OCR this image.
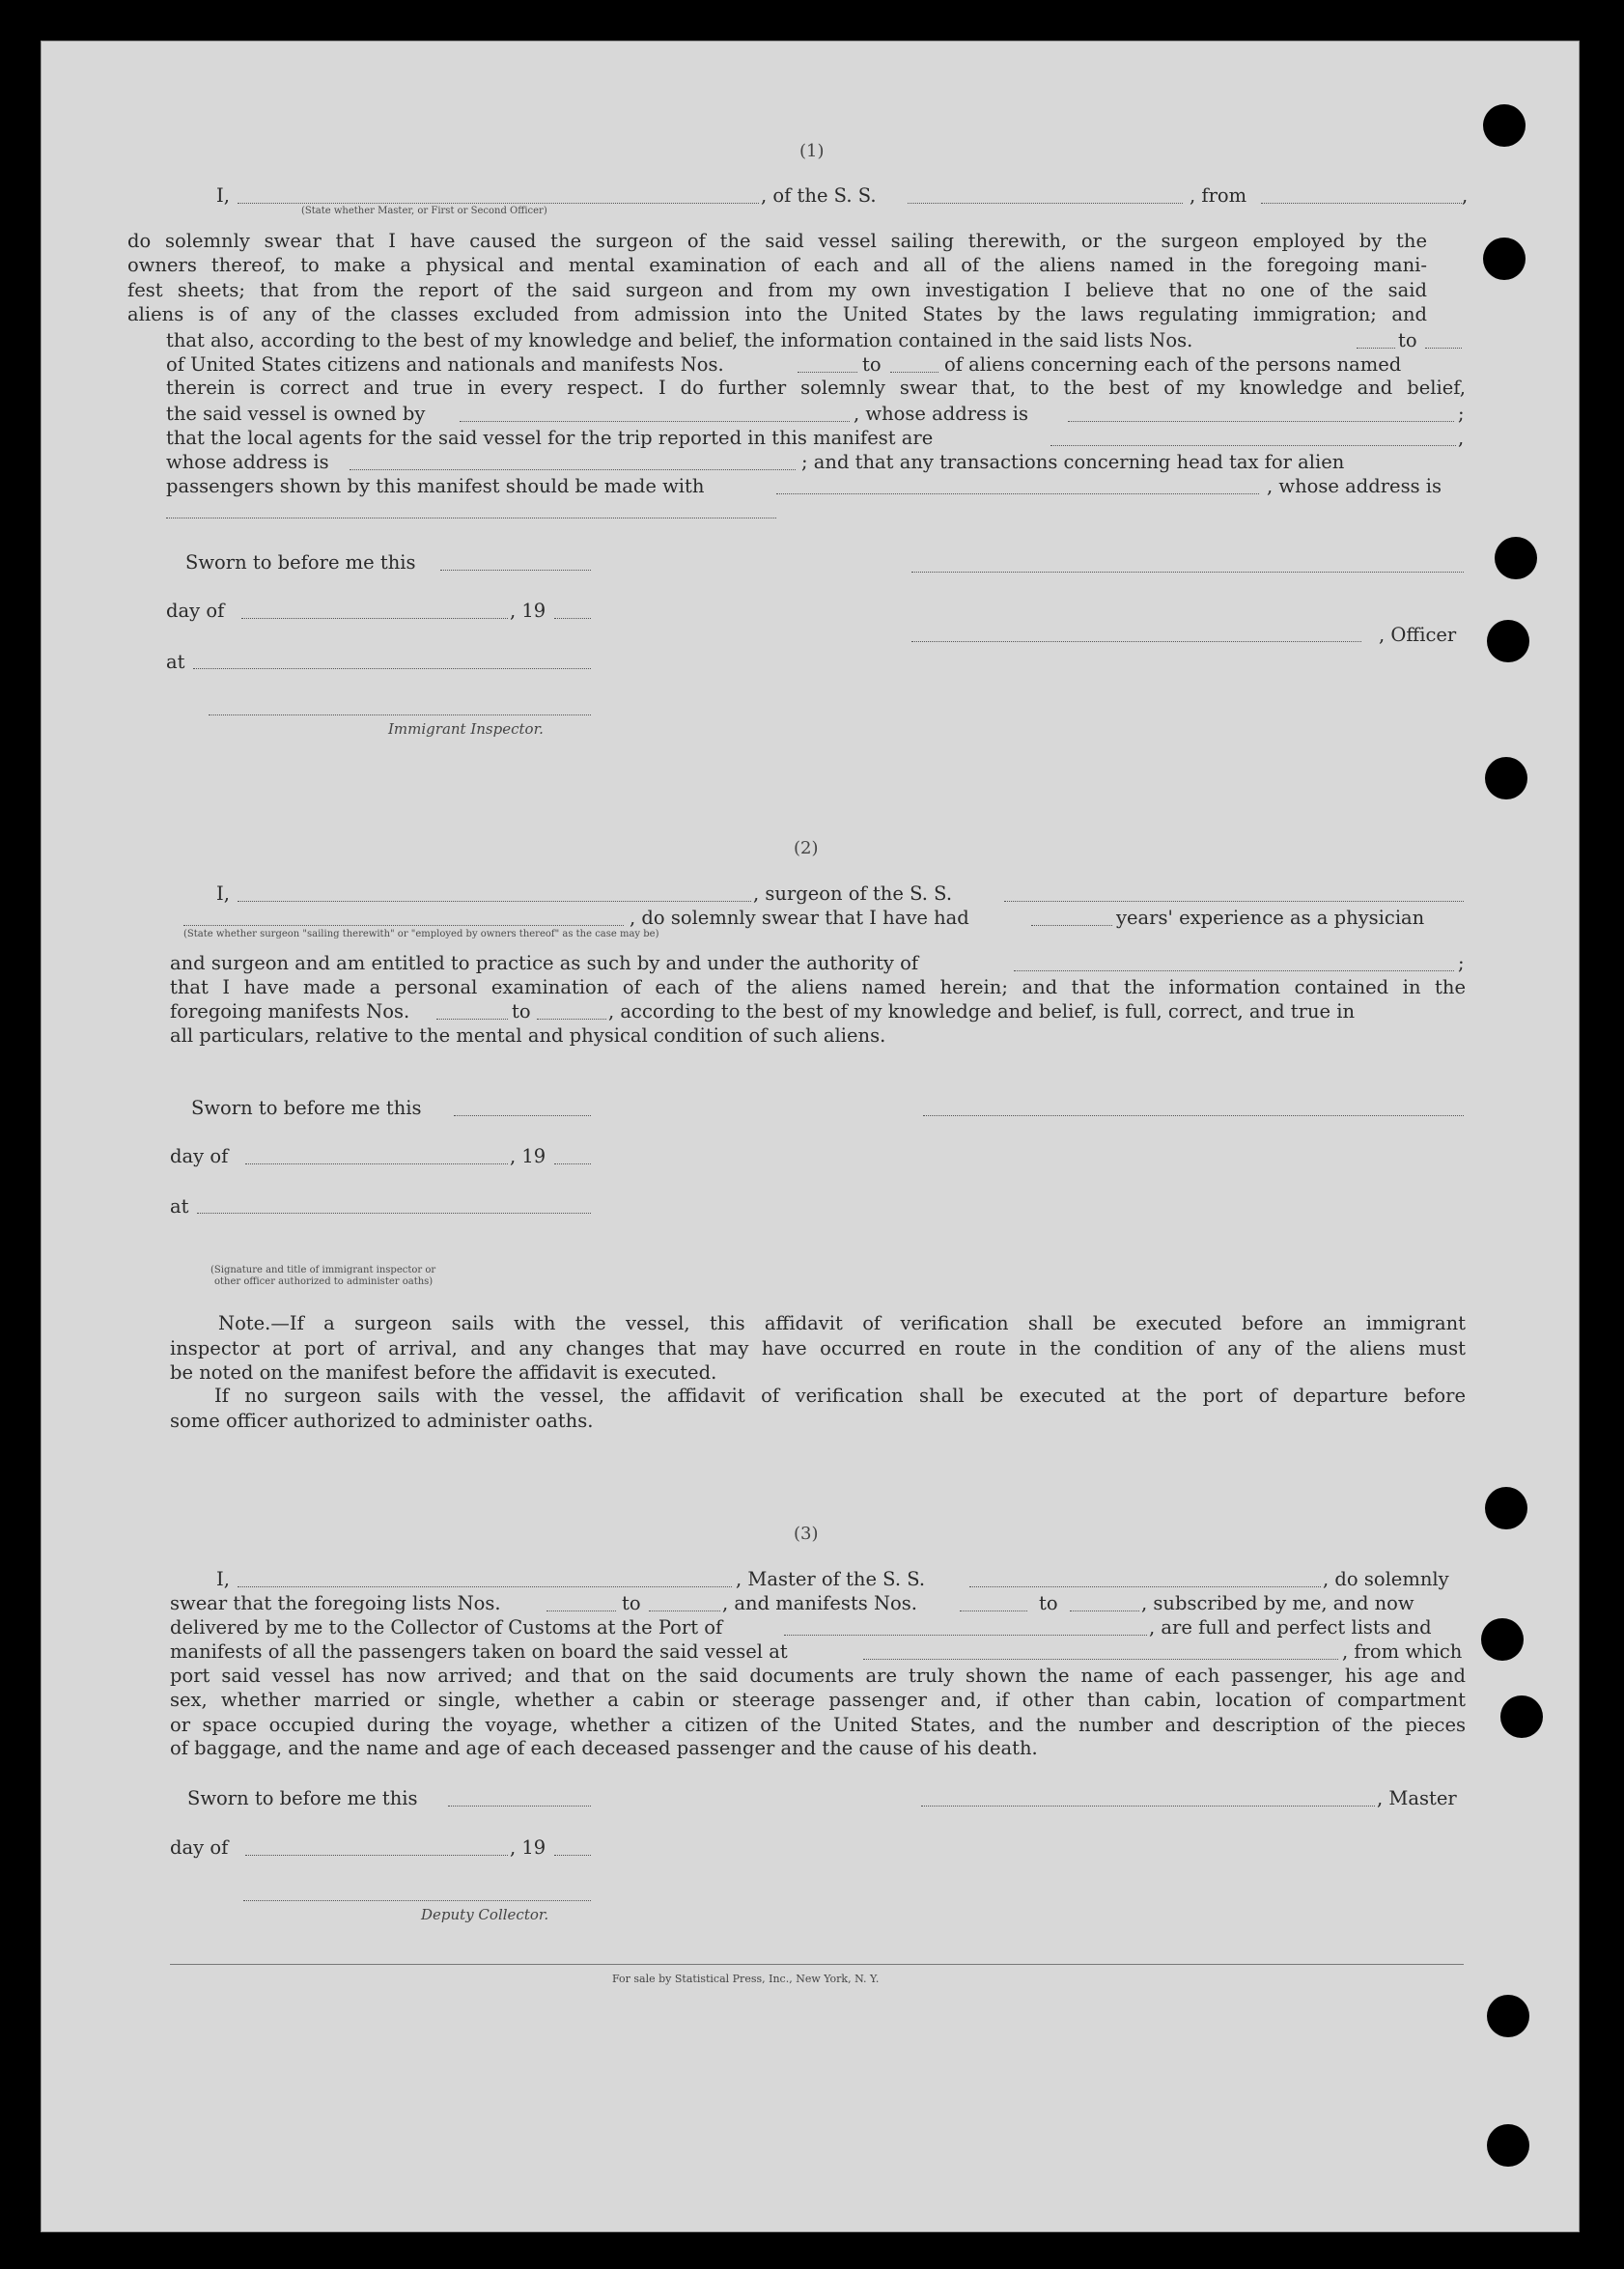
(1)
I,	, of the S. S.	, from	,
(State whether Master, or First or Second Officer)
do solemnly swear that I have caused the surgeon of the said vessel sailing therewith, or the surgeon employed by the
owners thereof, to make a physical and mental examination of each and all of the aliens named in the foregoing mani-
fest sheets; that from the report of the said surgeon and from my own investigation I believe that no one of the said
aliens is of any of the classes excluded from admission into the United States by the laws regulating immigration; and
that also, according to the best of my knowledge and belief, the information contained in the said lists Nos.	to
of United States citizens and nationals and manifests Nos.	to	of aliens concerning each of the persons named
therein is correct and true in every respect. I do further solemnly swear that, to the best of my knowledge and belief,
the said vessel is owned by	, whose address is	;
that the local agents for the said vessel for the trip reported in this manifest are	,
whose address is	; and that any transactions concerning head tax for alien
passengers shown by this manifest should be made with	, whose address is
Sworn to before me this
day of	, 19
, Officer
at
Immigrant Inspector.
(2)
I,	, surgeon of the S. S.
, do solemnly swear that I have had	years' experience as a physician
(State whether surgeon "sailing therewith" or "employed by owners thereof" as the case may be)
and surgeon and am entitled to practice as such by and under the authority of	;
that I have made a personal examination of each of the aliens named herein; and that the information contained in the
foregoing manifests Nos.	to	, according to the best of my knowledge and belief, is full, correct, and true in
all particulars, relative to the mental and physical condition of such aliens.
Sworn to before me this
day of	, 19
at
(Signature and title of immigrant inspector or
other officer authorized to administer oaths)
Note.—If a surgeon sails with the vessel, this affidavit of verification shall be executed before an immigrant
inspector at port of arrival, and any changes that may have occurred en route in the condition of any of the aliens must
be noted on the manifest before the affidavit is executed.
If no surgeon sails with the vessel, the affidavit of verification shall be executed at the port of departure before
some officer authorized to administer oaths.
(3)
I,	, Master of the S. S.	, do solemnly
swear that the foregoing lists Nos.	to	, and manifests Nos.	to	, subscribed by me, and now
delivered by me to the Collector of Customs at the Port of	, are full and perfect lists and
manifests of all the passengers taken on board the said vessel at	, from which
port said vessel has now arrived; and that on the said documents are truly shown the name of each passenger, his age and
sex, whether married or single, whether a cabin or steerage passenger and, if other than cabin, location of compartment
or space occupied during the voyage, whether a citizen of the United States, and the number and description of the pieces
of baggage, and the name and age of each deceased passenger and the cause of his death.
Sworn to before me this	, Master
day of	, 19
Deputy Collector.
For sale by Statistical Press, Inc., New York, N. Y.
